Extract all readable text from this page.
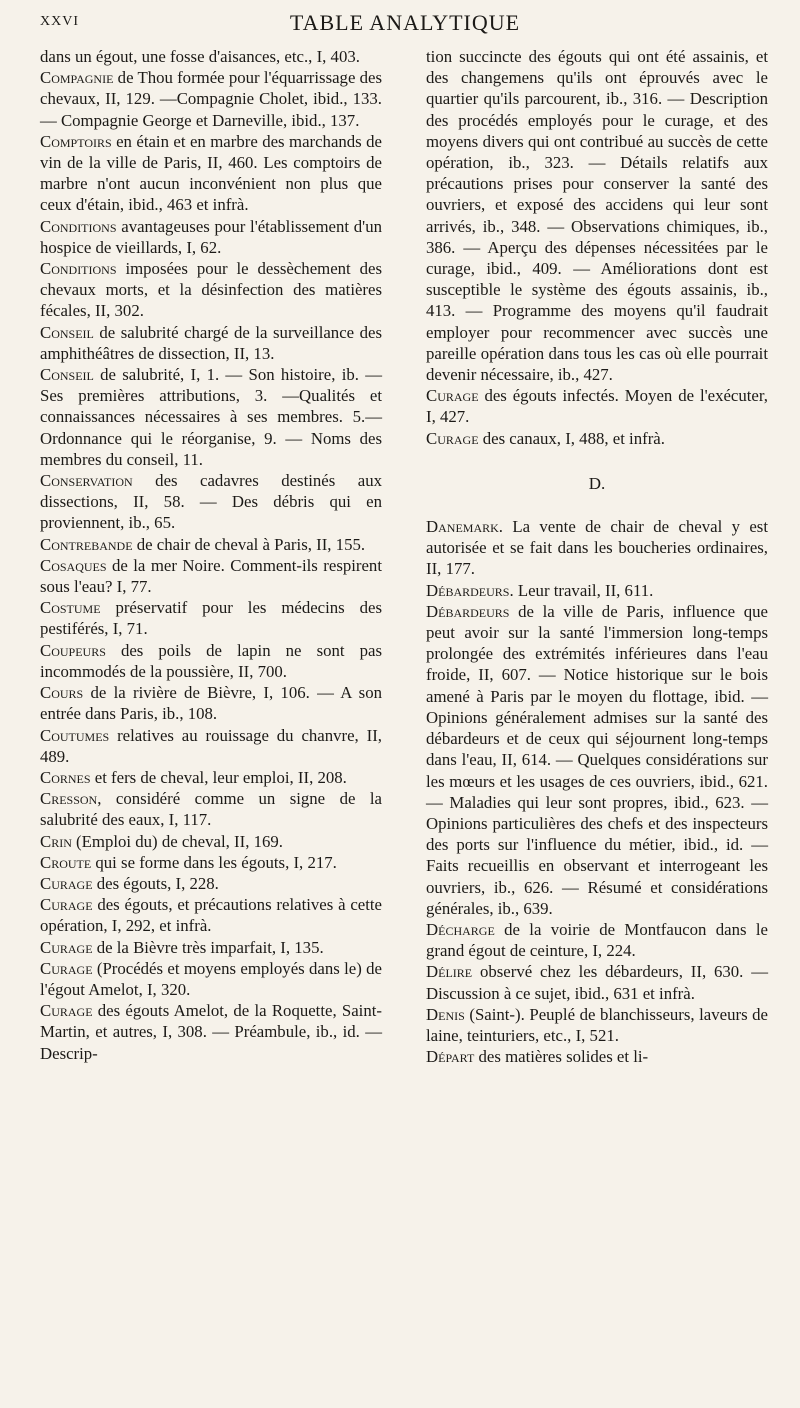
XXVI	TABLE ANALYTIQUE

dans un égout, une fosse d'aisances, etc., I, 403.

Compagnie de Thou formée pour l'équarrissage des chevaux, II, 129. —Compagnie Cholet, ibid., 133. — Compagnie George et Darneville, ibid., 137.

Comptoirs en étain et en marbre des marchands de vin de la ville de Paris, II, 460. Les comptoirs de marbre n'ont aucun inconvénient non plus que ceux d'étain, ibid., 463 et infrà.

Conditions avantageuses pour l'établissement d'un hospice de vieillards, I, 62.

Conditions imposées pour le dessèchement des chevaux morts, et la désinfection des matières fécales, II, 302.

Conseil de salubrité chargé de la surveillance des amphithéâtres de dissection, II, 13.

Conseil de salubrité, I, 1. — Son histoire, ib. — Ses premières attributions, 3. —Qualités et connaissances nécessaires à ses membres. 5.— Ordonnance qui le réorganise, 9. — Noms des membres du conseil, 11.

Conservation des cadavres destinés aux dissections, II, 58. — Des débris qui en proviennent, ib., 65.

Contrebande de chair de cheval à Paris, II, 155.

Cosaques de la mer Noire. Comment-ils respirent sous l'eau? I, 77.

Costume préservatif pour les médecins des pestiférés, I, 71.

Coupeurs des poils de lapin ne sont pas incommodés de la poussière, II, 700.

Cours de la rivière de Bièvre, I, 106. — A son entrée dans Paris, ib., 108.

Coutumes relatives au rouissage du chanvre, II, 489.

Cornes et fers de cheval, leur emploi, II, 208.

Cresson, considéré comme un signe de la salubrité des eaux, I, 117.

Crin (Emploi du) de cheval, II, 169.

Croute qui se forme dans les égouts, I, 217.

Curage des égouts, I, 228.

Curage des égouts, et précautions relatives à cette opération, I, 292, et infrà.

Curage de la Bièvre très imparfait, I, 135.

Curage (Procédés et moyens employés dans le) de l'égout Amelot, I, 320.

Curage des égouts Amelot, de la Roquette, Saint-Martin, et autres, I, 308. — Préambule, ib., id. — Descrip-

tion succincte des égouts qui ont été assainis, et des changemens qu'ils ont éprouvés avec le quartier qu'ils parcourent, ib., 316. — Description des procédés employés pour le curage, et des moyens divers qui ont contribué au succès de cette opération, ib., 323. — Détails relatifs aux précautions prises pour conserver la santé des ouvriers, et exposé des accidens qui leur sont arrivés, ib., 348. — Observations chimiques, ib., 386. — Aperçu des dépenses nécessitées par le curage, ibid., 409. — Améliorations dont est susceptible le système des égouts assainis, ib., 413. — Programme des moyens qu'il faudrait employer pour recommencer avec succès une pareille opération dans tous les cas où elle pourrait devenir nécessaire, ib., 427.

Curage des égouts infectés. Moyen de l'exécuter, I, 427.

Curage des canaux, I, 488, et infrà.

D.

Danemark. La vente de chair de cheval y est autorisée et se fait dans les boucheries ordinaires, II, 177.

Débardeurs. Leur travail, II, 611.

Débardeurs de la ville de Paris, influence que peut avoir sur la santé l'immersion long-temps prolongée des extrémités inférieures dans l'eau froide, II, 607. — Notice historique sur le bois amené à Paris par le moyen du flottage, ibid. — Opinions généralement admises sur la santé des débardeurs et de ceux qui séjournent long-temps dans l'eau, II, 614. — Quelques considérations sur les mœurs et les usages de ces ouvriers, ibid., 621. — Maladies qui leur sont propres, ibid., 623. — Opinions particulières des chefs et des inspecteurs des ports sur l'influence du métier, ibid., id. — Faits recueillis en observant et interrogeant les ouvriers, ib., 626. — Résumé et considérations générales, ib., 639.

Décharge de la voirie de Montfaucon dans le grand égout de ceinture, I, 224.

Délire observé chez les débardeurs, II, 630. — Discussion à ce sujet, ibid., 631 et infrà.

Denis (Saint-). Peuplé de blanchisseurs, laveurs de laine, teinturiers, etc., I, 521.

Départ des matières solides et li-
